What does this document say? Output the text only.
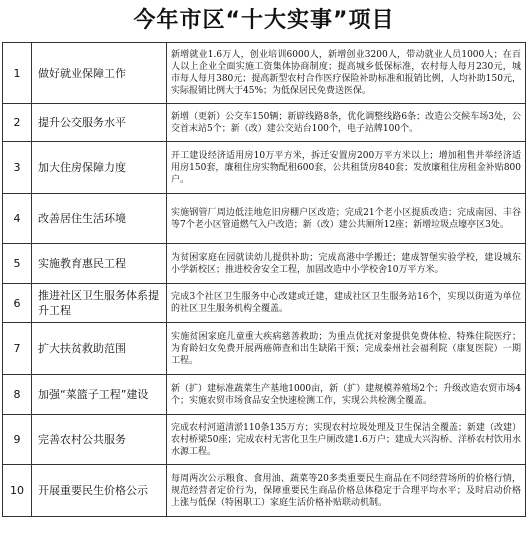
今年市区“十大实事”项目
1	做好就业保障工作	新增就业1.6万人，创业培训6000人，新增创业3200人，带动就业人员1000人；在百人以上企业全面实施工资集体协商制度；提高城乡低保标准，农村每人每月230元，城市每人每月380元；提高新型农村合作医疗保险补助标准和报销比例，人均补助150元，实际报销比例大于45%；为低保居民免费送医保。
2	提升公交服务水平	新增（更新）公交车150辆；新辟线路8条，优化调整线路6条；改造公交候车场3处，公交首末站5个；新（改）建公交站台100个，电子站牌100个。
3	加大住房保障力度	开工建设经济适用房10万平方米，拆迁安置房200万平方米以上；增加租售并举经济适用房150套，廉租住房实物配租600套，公共租赁房840套；发放廉租住房租金补贴800户。
4	改善居住生活环境	实施钢管厂周边低洼地危旧房棚户区改造；完成21个老小区提质改造；完成南园、丰谷等7个老小区管道燃气入户改造；新（改）建公共厕所12座；新增垃圾点壕亭区3处。
5	实施教育惠民工程	为贫困家庭在园就读幼儿提供补助；完成高港中学搬迁；建成智堡实验学校，建设城东小学新校区；推进校舍安全工程，加固改造中小学校舍10万平方米。
6	推进社区卫生服务体系提升工程	完成3个社区卫生服务中心改建或迁建，建成社区卫生服务站16个，实现以街道为单位的社区卫生服务机构全覆盖。
7	扩大扶贫救助范围	实施贫困家庭儿童重大疾病慈善救助；为重点优抚对象提供免费体检、特殊住院医疗；为育龄妇女免费开展两癌筛查和出生缺陷干预；完成泰州社会福利院（康复医院）一期工程。
8	加强“菜篮子工程”建设	新（扩）建标准蔬菜生产基地1000亩，新（扩）建规模养殖场2个；升级改造农贸市场4个；实施农贸市场食品安全快速检测工作，实现公共检测全覆盖。
9	完善农村公共服务	完成农村河道清淤110条135万方；实现农村垃圾处理及卫生保洁全覆盖；新建（改建）农村桥梁50座；完成农村无害化卫生户厕改建1.6万户；建成大兴沟桥、洋桥农村饮用水水源工程。
10	开展重要民生价格公示	每周两次公示粮食、食用油、蔬菜等20多类重要民生商品在不同经营场所的价格行情，规范经营者定价行为，保障重要民生商品价格总体稳定于合理平均水平；及时启动价格上涨与低保（特困职工）家庭生活价格补贴联动机制。
